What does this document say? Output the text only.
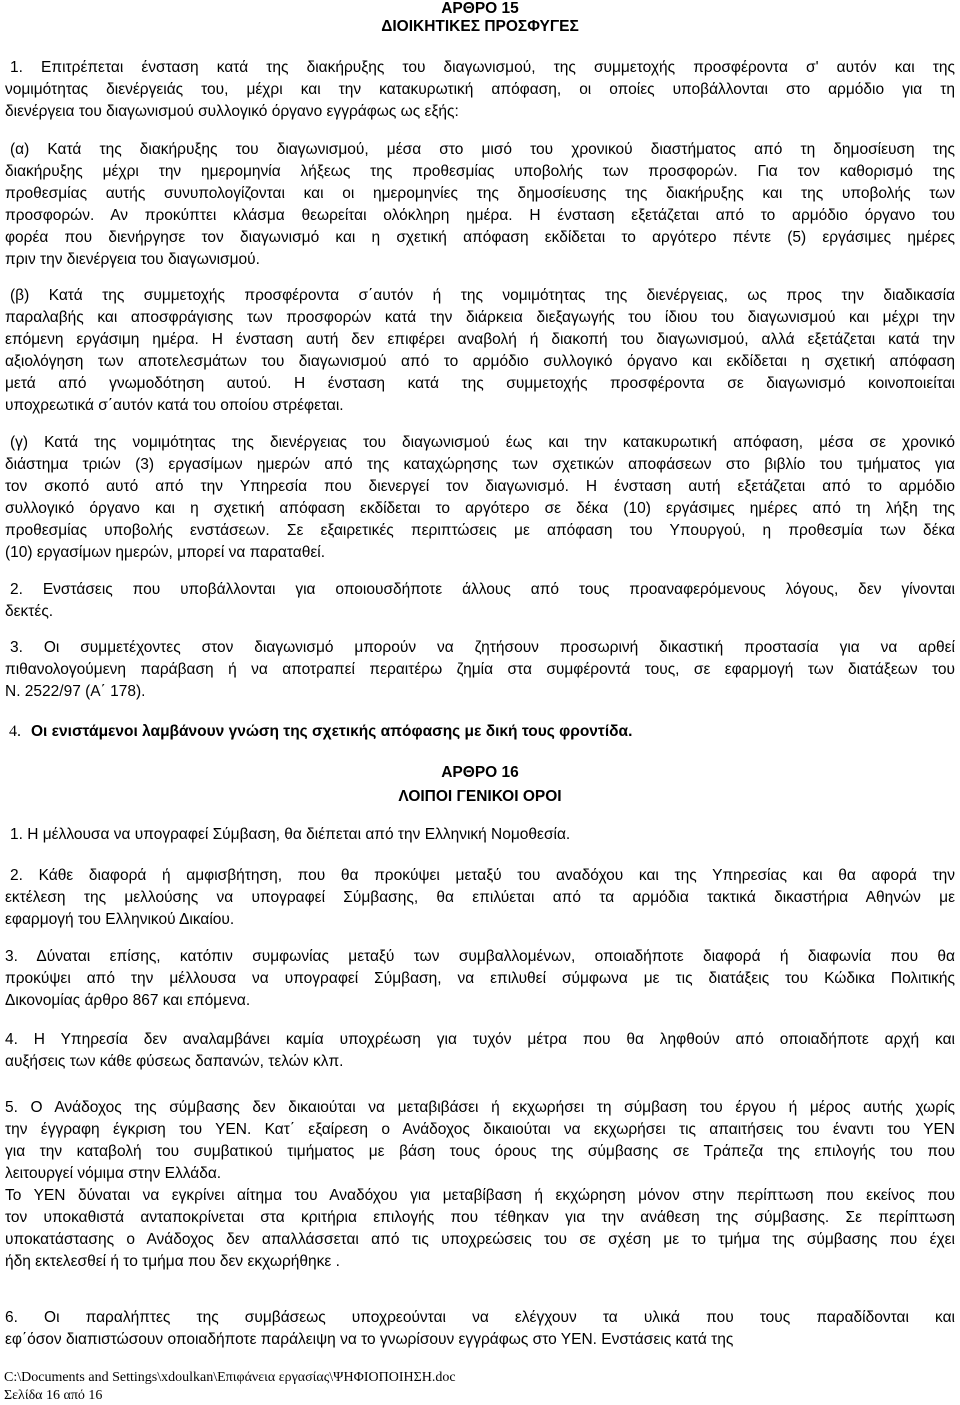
ΑΡΘΡΟ 15
ΔΙΟΙΚΗΤΙΚΕΣ ΠΡΟΣΦΥΓΕΣ
1. Επιτρέπεται ένσταση κατά της διακήρυξης του διαγωνισμού, της συμμετοχής προσφέροντα σ' αυτόν και της
νομιμότητας διενέργειάς του, μέχρι και την κατακυρωτική απόφαση, οι οποίες υποβάλλονται στο αρμόδιο για τη
διενέργεια του διαγωνισμού συλλογικό όργανο εγγράφως ως εξής:
(α) Κατά της διακήρυξης του διαγωνισμού, μέσα στο μισό του χρονικού διαστήματος από τη δημοσίευση της
διακήρυξης μέχρι την ημερομηνία λήξεως της προθεσμίας υποβολής των προσφορών. Για τον καθορισμό της
προθεσμίας αυτής συνυπολογίζονται και οι ημερομηνίες της δημοσίευσης της διακήρυξης και της υποβολής των
προσφορών. Αν προκύπτει κλάσμα θεωρείται ολόκληρη ημέρα. Η ένσταση εξετάζεται από το αρμόδιο όργανο του
φορέα που διενήργησε τον διαγωνισμό και η σχετική απόφαση εκδίδεται το αργότερο πέντε (5) εργάσιμες ημέρες
πριν την διενέργεια του διαγωνισμού.
(β) Κατά της συμμετοχής προσφέροντα σ΄αυτόν ή της νομιμότητας της διενέργειας, ως προς την διαδικασία
παραλαβής και αποσφράγισης των προσφορών κατά την διάρκεια διεξαγωγής του ίδιου του διαγωνισμού και μέχρι την
επόμενη εργάσιμη ημέρα. Η ένσταση αυτή δεν επιφέρει αναβολή ή διακοπή του διαγωνισμού, αλλά εξετάζεται κατά την
αξιολόγηση των αποτελεσμάτων του διαγωνισμού από το αρμόδιο συλλογικό όργανο και εκδίδεται η σχετική απόφαση
μετά από γνωμοδότηση αυτού. Η ένσταση κατά της συμμετοχής προσφέροντα σε διαγωνισμό κοινοποιείται
υποχρεωτικά σ΄αυτόν κατά του οποίου στρέφεται.
(γ) Κατά της νομιμότητας της διενέργειας του διαγωνισμού έως και την κατακυρωτική απόφαση, μέσα σε χρονικό
διάστημα τριών (3) εργασίμων ημερών από της καταχώρησης των σχετικών αποφάσεων στο βιβλίο του τμήματος για
τον σκοπό αυτό από την Υπηρεσία που διενεργεί τον διαγωνισμό. Η ένσταση αυτή εξετάζεται από το αρμόδιο
συλλογικό όργανο και η σχετική απόφαση εκδίδεται το αργότερο σε δέκα (10) εργάσιμες ημέρες από τη λήξη της
προθεσμίας υποβολής ενστάσεων. Σε εξαιρετικές περιπτώσεις με απόφαση του Υπουργού, η προθεσμία των δέκα
(10) εργασίμων ημερών, μπορεί να παραταθεί.
2. Ενστάσεις που υποβάλλονται για οποιουσδήποτε άλλους από τους προαναφερόμενους λόγους, δεν γίνονται
δεκτές.
3. Οι συμμετέχοντες στον διαγωνισμό μπορούν να ζητήσουν προσωρινή δικαστική προστασία για να αρθεί
πιθανολογούμενη παράβαση ή να αποτραπεί περαιτέρω ζημία στα συμφέροντά τους, σε εφαρμογή των διατάξεων του
Ν. 2522/97 (Α΄ 178).
4. Οι ενιστάμενοι λαμβάνουν γνώση της σχετικής απόφασης με δική τους φροντίδα.
ΑΡΘΡΟ 16
ΛΟΙΠΟΙ ΓΕΝΙΚΟΙ ΟΡΟΙ
1. Η μέλλουσα να υπογραφεί Σύμβαση, θα διέπεται από την Ελληνική Νομοθεσία.
2. Κάθε διαφορά ή αμφισβήτηση, που θα προκύψει μεταξύ του αναδόχου και της Υπηρεσίας και θα αφορά την
εκτέλεση της μελλούσης να υπογραφεί Σύμβασης, θα επιλύεται από τα αρμόδια τακτικά δικαστήρια Αθηνών με
εφαρμογή του Ελληνικού Δικαίου.
3. Δύναται επίσης, κατόπιν συμφωνίας μεταξύ των συμβαλλομένων, οποιαδήποτε διαφορά ή διαφωνία που θα
προκύψει από την μέλλουσα να υπογραφεί Σύμβαση, να επιλυθεί σύμφωνα με τις διατάξεις του Κώδικα Πολιτικής
Δικονομίας άρθρο 867 και επόμενα.
4. Η Υπηρεσία δεν αναλαμβάνει καμία υποχρέωση για τυχόν μέτρα που θα ληφθούν από οποιαδήποτε αρχή και
αυξήσεις των κάθε φύσεως δαπανών, τελών κλπ.
5. Ο Ανάδοχος της σύμβασης δεν δικαιούται να μεταβιβάσει ή εκχωρήσει τη σύμβαση του έργου ή μέρος αυτής χωρίς
την έγγραφη έγκριση του ΥΕΝ. Κατ΄ εξαίρεση ο Ανάδοχος δικαιούται να εκχωρήσει τις απαιτήσεις του έναντι του ΥΕΝ
για την καταβολή του συμβατικού τιμήματος με βάση τους όρους της σύμβασης σε Τράπεζα της επιλογής του που
λειτουργεί νόμιμα στην Ελλάδα.
Το ΥΕΝ δύναται να εγκρίνει αίτημα του Αναδόχου για μεταβίβαση ή εκχώρηση μόνον στην περίπτωση που εκείνος που
τον υποκαθιστά ανταποκρίνεται στα κριτήρια επιλογής που τέθηκαν για την ανάθεση της σύμβασης. Σε περίπτωση
υποκατάστασης ο Ανάδοχος δεν απαλλάσσεται από τις υποχρεώσεις του σε σχέση με το τμήμα της σύμβασης που έχει
ήδη εκτελεσθεί ή το τμήμα που δεν εκχωρήθηκε .
6. Οι παραλήπτες της συμβάσεως υποχρεούνται να ελέγχουν τα υλικά που τους παραδίδονται και
εφ΄όσον διαπιστώσουν οποιαδήποτε παράλειψη να το γνωρίσουν εγγράφως στο ΥΕΝ. Ενστάσεις κατά της
C:\Documents and Settings\xdoulkan\Επιφάνεια εργασίας\ΨΗΦΙΟΠΟΙΗΣΗ.doc
Σελίδα 16 από 16
